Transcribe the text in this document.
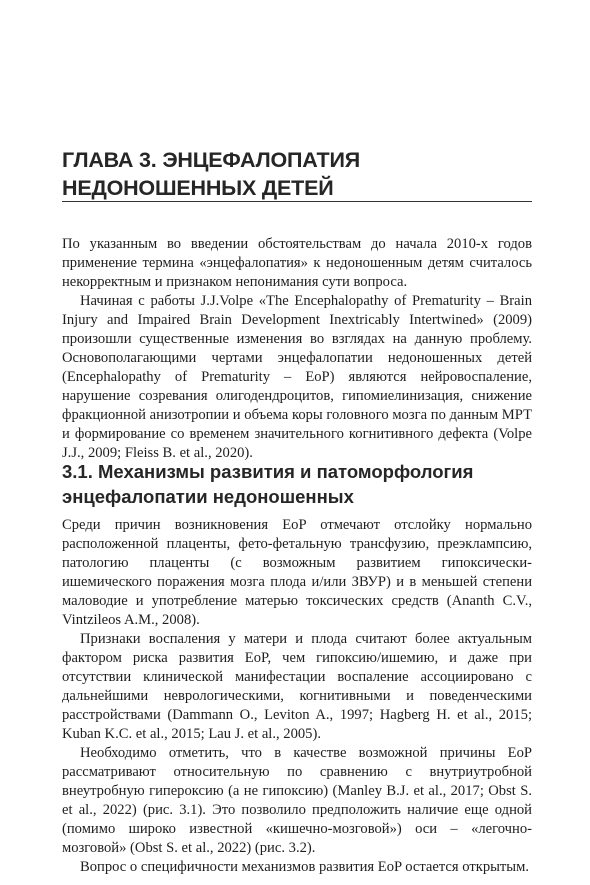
ГЛАВА 3. ЭНЦЕФАЛОПАТИЯ НЕДОНОШЕННЫХ ДЕТЕЙ

По указанным во введении обстоятельствам до начала 2010-х годов применение термина «энцефалопатия» к недоношенным детям считалось некорректным и признаком непонимания сути вопроса.

Начиная с работы J.J.Volpe «The Encephalopathy of Prematurity – Brain Injury and Impaired Brain Development Inextricably Intertwined» (2009) произошли существенные изменения во взглядах на данную проблему. Основополагающими чертами энцефалопатии недоношенных детей (Encephalopathy of Prematurity – EoP) являются нейровоспаление, нарушение созревания олигодендроцитов, гипомиелинизация, снижение фракционной анизотропии и объема коры головного мозга по данным МРТ и формирование со временем значительного когнитивного дефекта (Volpe J.J., 2009; Fleiss B. et al., 2020).

3.1. Механизмы развития и патоморфология энцефалопатии недоношенных

Среди причин возникновения EoP отмечают отслойку нормально расположенной плаценты, фето-фетальную трансфузию, преэклампсию, патологию плаценты (с возможным развитием гипоксически-ишемического поражения мозга плода и/или ЗВУР) и в меньшей степени маловодие и употребление матерью токсических средств (Ananth C.V., Vintzileos A.M., 2008).

Признаки воспаления у матери и плода считают более актуальным фактором риска развития EoP, чем гипоксию/ишемию, и даже при отсутствии клинической манифестации воспаление ассоциировано с дальнейшими неврологическими, когнитивными и поведенческими расстройствами (Dammann O., Leviton A., 1997; Hagberg H. et al., 2015; Kuban K.C. et al., 2015; Lau J. et al., 2005).

Необходимо отметить, что в качестве возможной причины EoP рассматривают относительную по сравнению с внутриутробной внеутробную гипероксию (а не гипоксию) (Manley B.J. et al., 2017; Obst S. et al., 2022) (рис. 3.1). Это позволило предположить наличие еще одной (помимо широко известной «кишечно-мозговой») оси – «легочно-мозговой» (Obst S. et al., 2022) (рис. 3.2).

Вопрос о специфичности механизмов развития EoP остается открытым.
